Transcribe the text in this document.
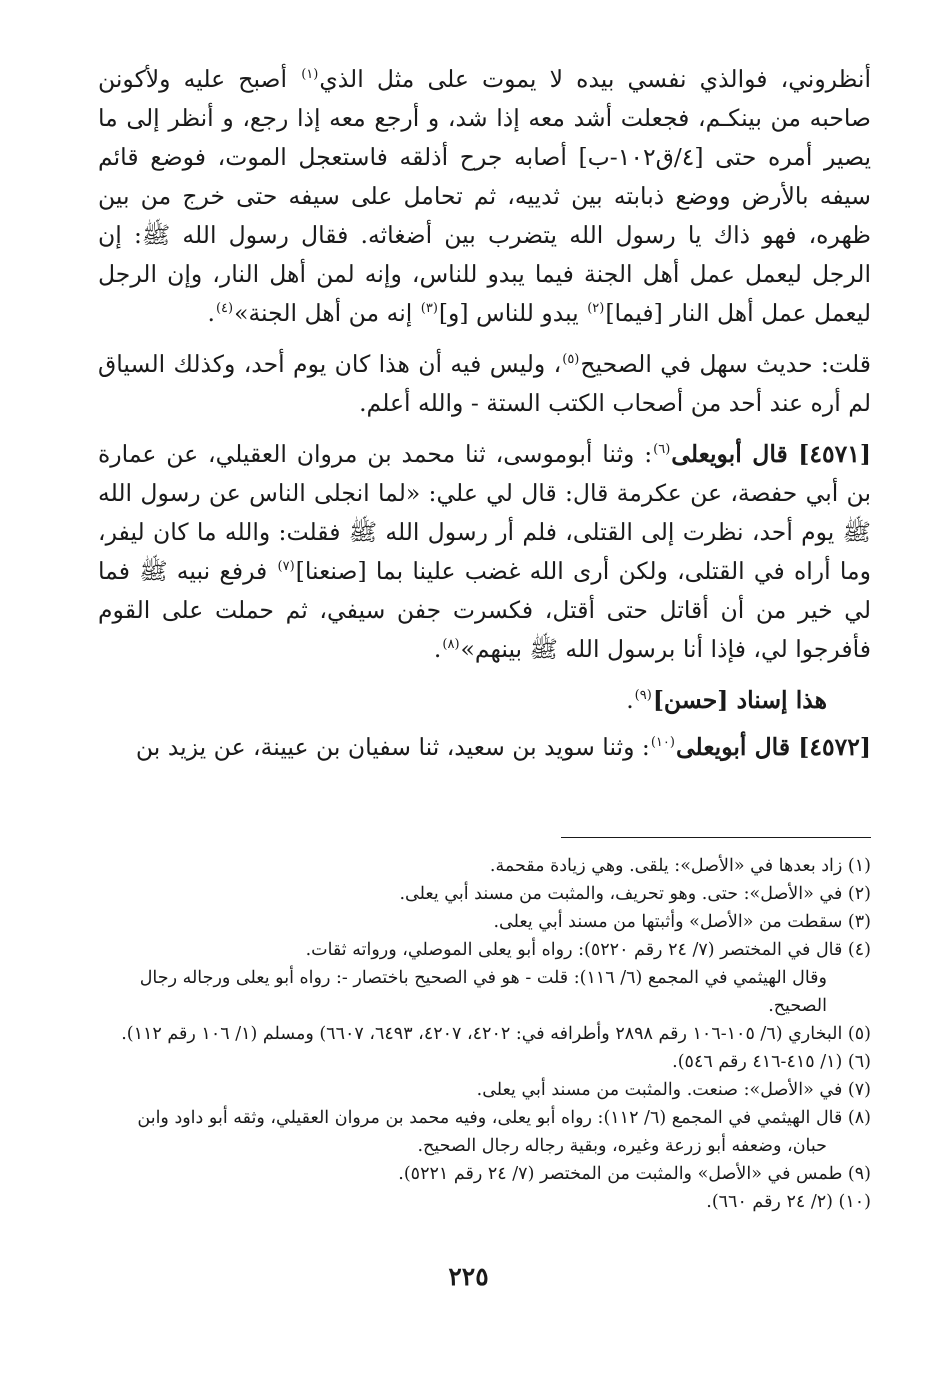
أنظروني، فوالذي نفسي بيده لا يموت على مثل الذي$^{(١)}$ أصبح عليه ولأكونن صاحبه من بينكـم، فجعلت أشد معه إذا شد، و أرجع معه إذا رجع، و أنظر إلى ما يصير أمره حتى [٤/ق١٠٢-ب] أصابه جرح أذلقه فاستعجل الموت، فوضع قائم سيفه بالأرض ووضع ذبابته بين ثدييه، ثم تحامل على سيفه حتى خرج من بين ظهره، فهو ذاك يا رسول الله يتضرب بين أضغاثه. فقال رسول الله ﷺ: إن الرجل ليعمل عمل أهل الجنة فيما يبدو للناس، وإنه لمن أهل النار، وإن الرجل ليعمل عمل أهل النار [فيما]$^{(٢)}$ يبدو للناس [و]$^{(٣)}$ إنه من أهل الجنة»$^{(٤)}$.

قلت: حديث سهل في الصحيح$^{(٥)}$، وليس فيه أن هذا كان يوم أحد، وكذلك السياق لم أره عند أحد من أصحاب الكتب الستة - والله أعلم.

[٤٥٧١] قال أبويعلى$^{(٦)}$: وثنا أبوموسى، ثنا محمد بن مروان العقيلي، عن عمارة بن أبي حفصة، عن عكرمة قال: قال لي علي: «لما انجلى الناس عن رسول الله ﷺ يوم أحد، نظرت إلى القتلى، فلم أر رسول الله ﷺ فقلت: والله ما كان ليفر، وما أراه في القتلى، ولكن أرى الله غضب علينا بما [صنعنا]$^{(٧)}$ فرفع نبيه ﷺ فما لي خير من أن أقاتل حتى أقتل، فكسرت جفن سيفي، ثم حملت على القوم فأفرجوا لي، فإذا أنا برسول الله ﷺ بينهم»$^{(٨)}$.

هذا إسناد [حسن]$^{(٩)}$.

[٤٥٧٢] قال أبويعلى$^{(١٠)}$: وثنا سويد بن سعيد، ثنا سفيان بن عيينة، عن يزيد بن

(١) زاد بعدها في «الأصل»: يلقى. وهي زيادة مقحمة.

(٢) في «الأصل»: حتى. وهو تحريف، والمثبت من مسند أبي يعلى.

(٣) سقطت من «الأصل» وأثبتها من مسند أبي يعلى.

(٤) قال في المختصر (٧/ ٢٤ رقم ٥٢٢٠): رواه أبو يعلى الموصلي، ورواته ثقات.

وقال الهيثمي في المجمع (٦/ ١١٦): قلت - هو في الصحيح باختصار -: رواه أبو يعلى ورجاله رجال الصحيح.

(٥) البخاري (٦/ ١٠٥-١٠٦ رقم ٢٨٩٨ وأطرافه في: ٤٢٠٢، ٤٢٠٧، ٦٤٩٣، ٦٦٠٧) ومسلم (١/ ١٠٦ رقم ١١٢).

(٦) (١/ ٤١٥-٤١٦ رقم ٥٤٦).

(٧) في «الأصل»: صنعت. والمثبت من مسند أبي يعلى.

(٨) قال الهيثمي في المجمع (٦/ ١١٢): رواه أبو يعلى، وفيه محمد بن مروان العقيلي، وثقه أبو داود وابن حبان، وضعفه أبو زرعة وغيره، وبقية رجاله رجال الصحيح.

(٩) طمس في «الأصل» والمثبت من المختصر (٧/ ٢٤ رقم ٥٢٢١).

(١٠) (٢/ ٢٤ رقم ٦٦٠).

٢٢٥
